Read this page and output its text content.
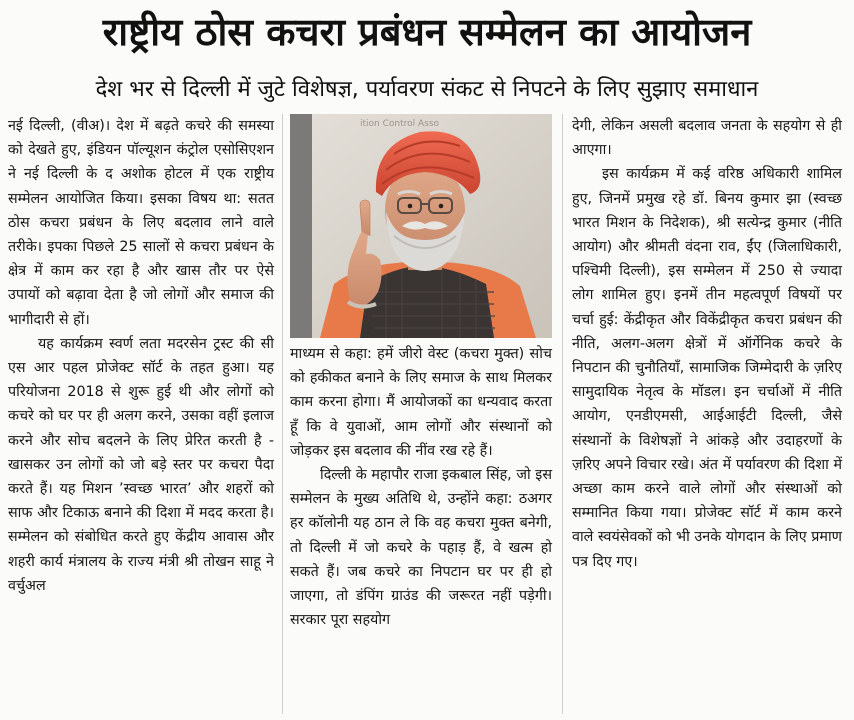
राष्ट्रीय ठोस कचरा प्रबंधन सम्मेलन का आयोजन
देश भर से दिल्ली में जुटे विशेषज्ञ, पर्यावरण संकट से निपटने के लिए सुझाए समाधान

नई दिल्ली, (वीअ)। देश में बढ़ते कचरे की समस्या को देखते हुए, इंडियन पॉल्यूशन कंट्रोल एसोसिएशन ने नई दिल्ली के द अशोक होटल में एक राष्ट्रीय सम्मेलन आयोजित किया। इसका विषय था: सतत ठोस कचरा प्रबंधन के लिए बदलाव लाने वाले तरीके। इपका पिछले 25 सालों से कचरा प्रबंधन के क्षेत्र में काम कर रहा है और खास तौर पर ऐसे उपायों को बढ़ावा देता है जो लोगों और समाज की भागीदारी से हों।

यह कार्यक्रम स्वर्ण लता मदरसेन ट्रस्ट की सी एस आर पहल प्रोजेक्ट सॉर्ट के तहत हुआ। यह परियोजना 2018 से शुरू हुई थी और लोगों को कचरे को घर पर ही अलग करने, उसका वहीं इलाज करने और सोच बदलने के लिए प्रेरित करती है - खासकर उन लोगों को जो बड़े स्तर पर कचरा पैदा करते हैं। यह मिशन ’स्वच्छ भारत’ और शहरों को साफ और टिकाऊ बनाने की दिशा में मदद करता है। सम्मेलन को संबोधित करते हुए केंद्रीय आवास और शहरी कार्य मंत्रालय के राज्य मंत्री श्री तोखन साहू ने वर्चुअल

ition Control Asso

माध्यम से कहा: हमें जीरो वेस्ट (कचरा मुक्त) सोच को हकीकत बनाने के लिए समाज के साथ मिलकर काम करना होगा। मैं आयोजकों का धन्यवाद करता हूँ कि वे युवाओं, आम लोगों और संस्थानों को जोड़कर इस बदलाव की नींव रख रहे हैं।

दिल्ली के महापौर राजा इकबाल सिंह, जो इस सम्मेलन के मुख्य अतिथि थे, उन्होंने कहा: ठअगर हर कॉलोनी यह ठान ले कि वह कचरा मुक्त बनेगी, तो दिल्ली में जो कचरे के पहाड़ हैं, वे खत्म हो सकते हैं। जब कचरे का निपटान घर पर ही हो जाएगा, तो डंपिंग ग्राउंड की जरूरत नहीं पड़ेगी। सरकार पूरा सहयोग

देगी, लेकिन असली बदलाव जनता के सहयोग से ही आएगा।

इस कार्यक्रम में कई वरिष्ठ अधिकारी शामिल हुए, जिनमें प्रमुख रहे डॉ. बिनय कुमार झा (स्वच्छ भारत मिशन के निदेशक), श्री सत्येन्द्र कुमार (नीति आयोग) और श्रीमती वंदना राव, ईंए (जिलाधिकारी, पश्चिमी दिल्ली), इस सम्मेलन में 250 से ज्यादा लोग शामिल हुए। इनमें तीन महत्वपूर्ण विषयों पर चर्चा हुई: केंद्रीकृत और विकेंद्रीकृत कचरा प्रबंधन की नीति, अलग-अलग क्षेत्रों में ऑर्गेनिक कचरे के निपटान की चुनौतियाँ, सामाजिक जिम्मेदारी के ज़रिए सामुदायिक नेतृत्व के मॉडल। इन चर्चाओं में नीति आयोग, एनडीएमसी, आईआईटी दिल्ली, जैसे संस्थानों के विशेषज्ञों ने आंकड़े और उदाहरणों के ज़रिए अपने विचार रखे। अंत में पर्यावरण की दिशा में अच्छा काम करने वाले लोगों और संस्थाओं को सम्मानित किया गया। प्रोजेक्ट सॉर्ट में काम करने वाले स्वयंसेवकों को भी उनके योगदान के लिए प्रमाण पत्र दिए गए।
